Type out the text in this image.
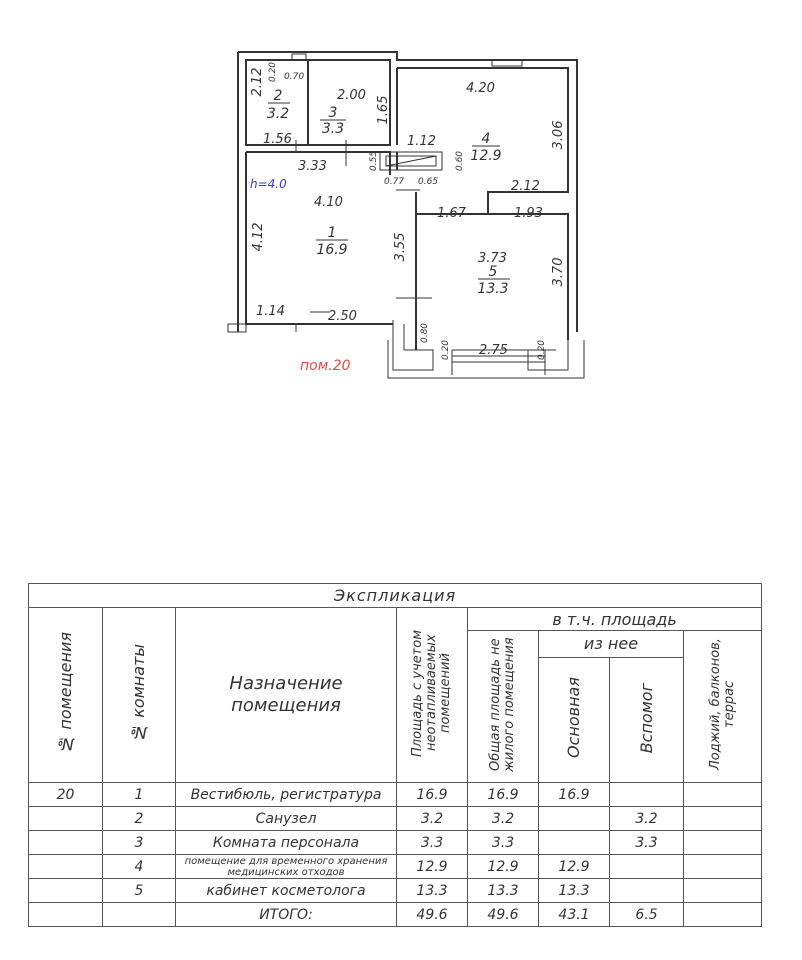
2
3.2	3
3.3
4
12.9
1
16.9
5
13.3
2.12 0.20 0.70
2.00
1.65
4.20
1.56	1.12	3.06
3.33	0.55	0.60
0.77 0.65	2.12
4.10
1.67	1.93
4.12
3.73
3.55
3.70
1.14	2.50
0.80
0.20 2.75	0.20
h=4.0
пом.20
Экспликация							
№ помещения	№ комнаты	Назначение помещения	Площадь с учетом неотапливаемых помещений	в т.ч. площадь			
				Общая площадь не жилого помещения	из нее		Лоджий, балконов, террас
					Основная	Вспомог	
20	1	Вестибюль, регистратура	16.9	16.9	16.9		
	2	Санузел	3.2	3.2		3.2	
	3	Комната персонала	3.3	3.3		3.3	
	4	помещение для временного хранения медицинских отходов	12.9	12.9	12.9		
	5	кабинет косметолога	13.3	13.3	13.3		
		ИТОГО:	49.6	49.6	43.1	6.5	
